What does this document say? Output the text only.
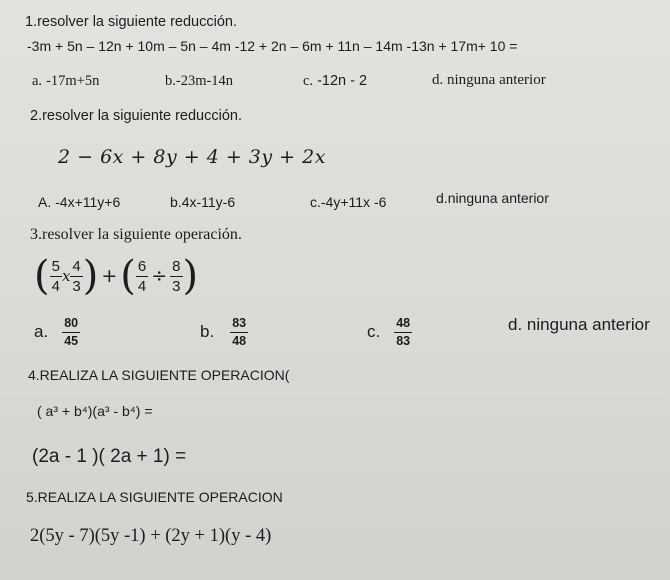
1.resolver la siguiente reducción.
-3m + 5n – 12n + 10m – 5n – 4m -12 + 2n – 6m + 11n – 14m -13n + 17m+ 10 =
a. -17m+5n	b.-23m-14n	c. -12n - 2	d. ninguna anterior
2.resolver la siguiente reducción.
2 − 6x + 8y + 4 + 3y + 2x
A. -4x+11y+6	b.4x-11y-6	c.-4y+11x -6	d.ninguna anterior
3.resolver la siguiente operación.
( $\frac{5}{4}$ x $\frac{4}{3}$ ) +( $\frac{6}{4} \div \frac{8}{3}$ )
a. $\frac{80}{45}$	b. $\frac{83}{48}$	c. $\frac{48}{83}$	d. ninguna anterior
4.REALIZA LA SIGUIENTE OPERACION(
( a³ + b⁴)(a³ - b⁴) =
(2a - 1 )( 2a + 1) =
5.REALIZA LA SIGUIENTE OPERACION
2(5y - 7)(5y -1) + (2y + 1)(y - 4)
